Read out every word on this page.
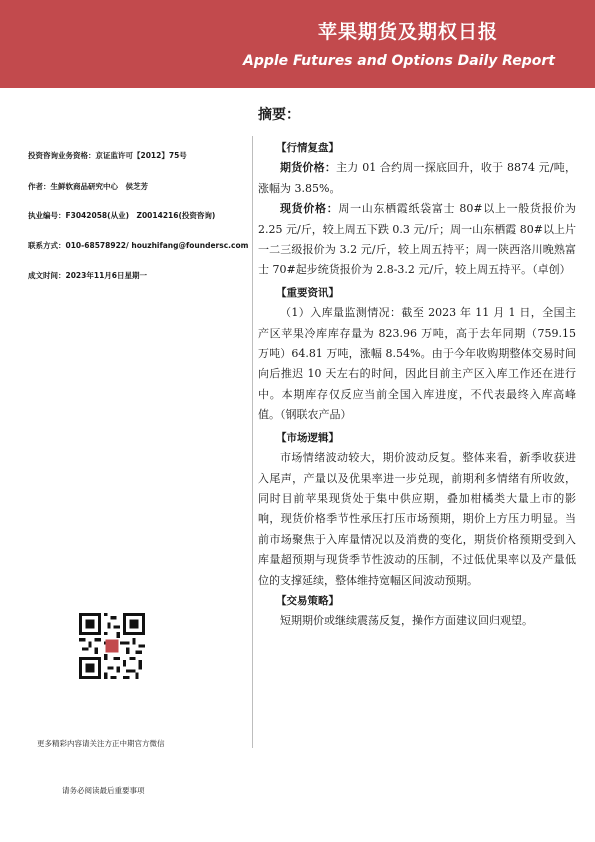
苹果期货及期权日报
Apple Futures and Options Daily Report
摘要：
投资咨询业务资格：京证监许可【2012】75号
作者：生鲜软商品研究中心　侯芝芳
执业编号：F3042058(从业)　Z0014216(投资咨询)
联系方式：010-68578922/ houzhifang@foundersc.com
成文时间：2023年11月6日星期一
更多精彩内容请关注方正中期官方微信
请务必阅读最后重要事项
【行情复盘】

期货价格：主力 01 合约周一探底回升，收于 8874 元/吨，涨幅为 3.85%。

现货价格：周一山东栖霞纸袋富士 80#以上一般货报价为 2.25 元/斤，较上周五下跌 0.3 元/斤；周一山东栖霞 80#以上片一二三级报价为 3.2 元/斤，较上周五持平；周一陕西洛川晚熟富士 70#起步统货报价为 2.8-3.2 元/斤，较上周五持平。（卓创）

【重要资讯】

（1）入库量监测情况：截至 2023 年 11 月 1 日，全国主产区苹果冷库库存量为 823.96 万吨，高于去年同期（759.15 万吨）64.81 万吨，涨幅 8.54%。由于今年收购期整体交易时间向后推迟 10 天左右的时间，因此目前主产区入库工作还在进行中。本期库存仅反应当前全国入库进度，不代表最终入库高峰值。（钢联农产品）

【市场逻辑】

市场情绪波动较大，期价波动反复。整体来看，新季收获进入尾声，产量以及优果率进一步兑现，前期利多情绪有所收敛，同时目前苹果现货处于集中供应期，叠加柑橘类大量上市的影响，现货价格季节性承压打压市场预期，期价上方压力明显。当前市场聚焦于入库量情况以及消费的变化，期货价格预期受到入库量超预期与现货季节性波动的压制，不过低优果率以及产量低位的支撑延续，整体维持宽幅区间波动预期。

【交易策略】

短期期价或继续震荡反复，操作方面建议回归观望。
